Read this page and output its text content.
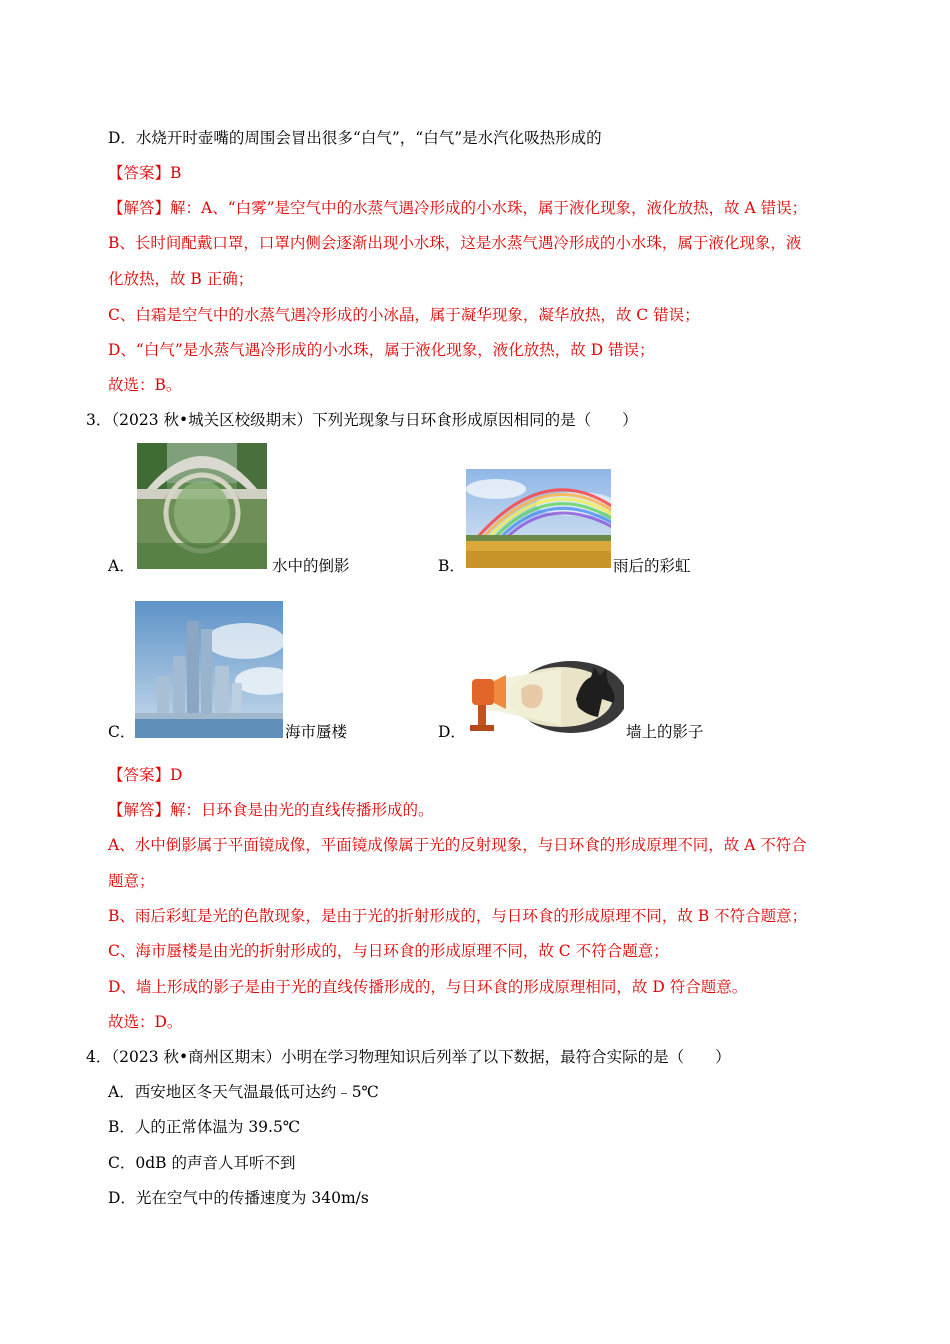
D．水烧开时壶嘴的周围会冒出很多“白气”，“白气”是水汽化吸热形成的
【答案】B
【解答】解：A、“白雾”是空气中的水蒸气遇冷形成的小水珠，属于液化现象，液化放热，故 A 错误；
B、长时间配戴口罩，口罩内侧会逐渐出现小水珠，这是水蒸气遇冷形成的小水珠，属于液化现象，液
化放热，故 B 正确；
C、白霜是空气中的水蒸气遇冷形成的小冰晶，属于凝华现象，凝华放热，故 C 错误；
D、“白气”是水蒸气遇冷形成的小水珠，属于液化现象，液化放热，故 D 错误；
故选：B。
3．（2023 秋•城关区校级期末）下列光现象与日环食形成原因相同的是（　　）
A．	水中的倒影	B．	雨后的彩虹
C．	海市蜃楼	D．	墙上的影子
【答案】D
【解答】解：日环食是由光的直线传播形成的。
A、水中倒影属于平面镜成像，平面镜成像属于光的反射现象，与日环食的形成原理不同，故 A 不符合
题意；
B、雨后彩虹是光的色散现象，是由于光的折射形成的，与日环食的形成原理不同，故 B 不符合题意；
C、海市蜃楼是由光的折射形成的，与日环食的形成原理不同，故 C 不符合题意；
D、墙上形成的影子是由于光的直线传播形成的，与日环食的形成原理相同，故 D 符合题意。
故选：D。
4．（2023 秋•商州区期末）小明在学习物理知识后列举了以下数据，最符合实际的是（　　）
A．西安地区冬天气温最低可达约﹣5℃
B．人的正常体温为 39.5℃
C．0dB 的声音人耳听不到
D．光在空气中的传播速度为 340m/s
